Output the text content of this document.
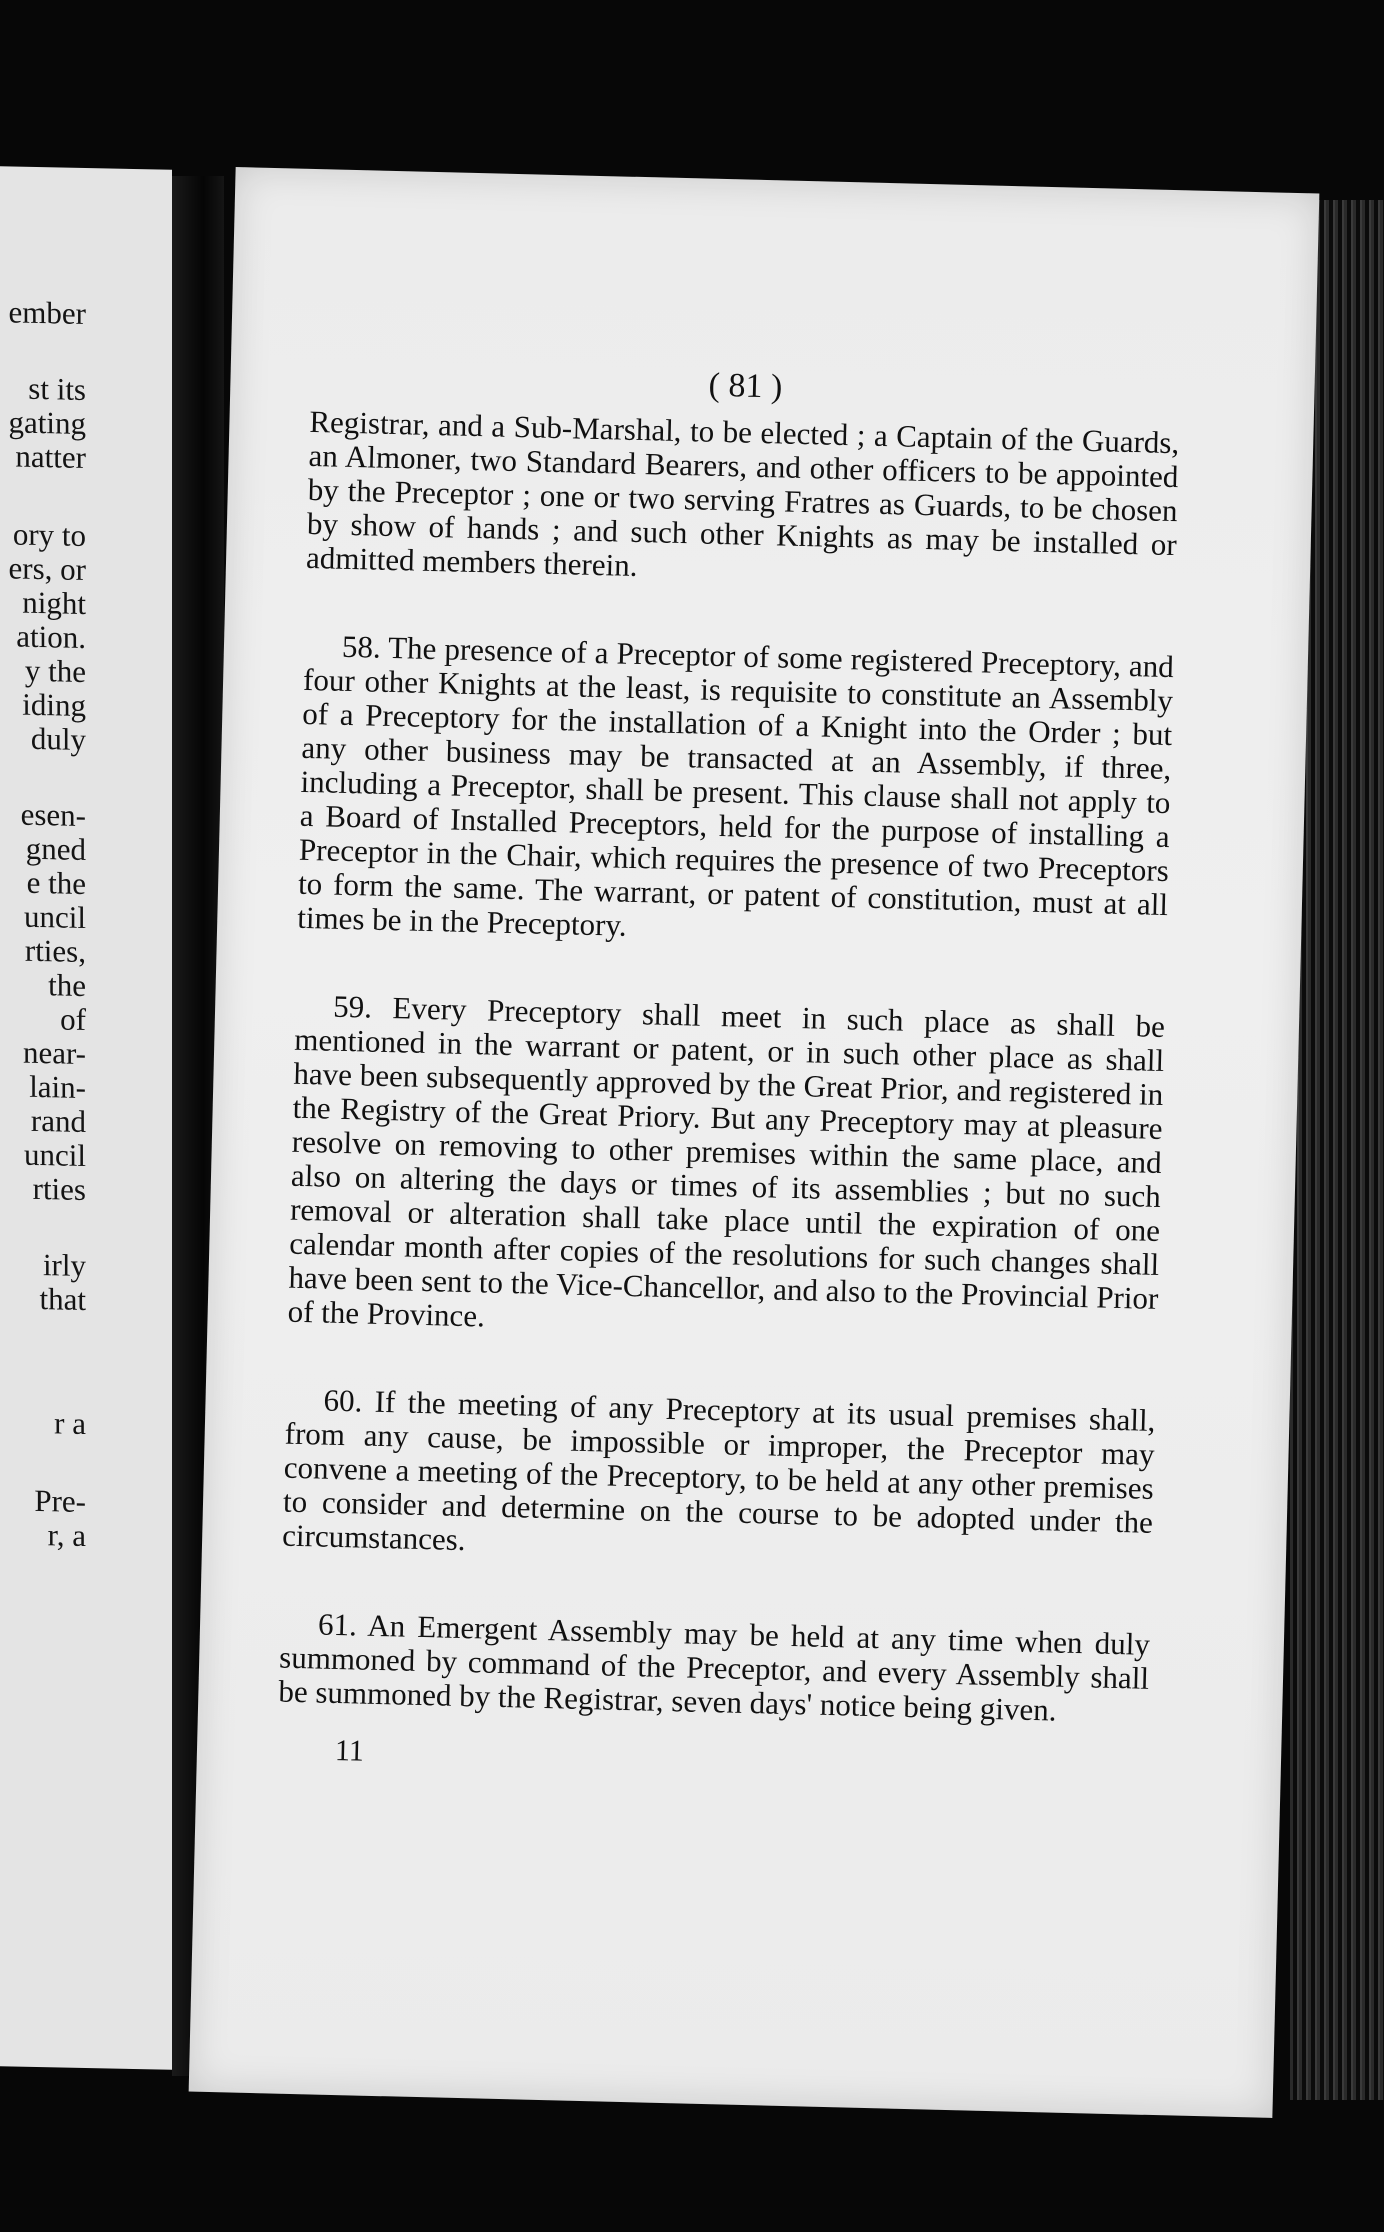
ember
st its
gating
natter
ory to
ers, or
night
ation.
y the
iding
duly
esen-
gned
e the
uncil
rties,
the
of
near-
lain-
rand
uncil
rties
irly
that
r a
Pre-
r, a
( 81 )

Registrar, and a Sub-Marshal, to be elected ; a Captain of the Guards, an Almoner, two Standard Bearers, and other officers to be appointed by the Preceptor ; one or two serving Fratres as Guards, to be chosen by show of hands ; and such other Knights as may be installed or admitted members therein.

58. The presence of a Preceptor of some registered Preceptory, and four other Knights at the least, is requisite to constitute an Assembly of a Preceptory for the installation of a Knight into the Order ; but any other business may be transacted at an Assembly, if three, including a Preceptor, shall be present. This clause shall not apply to a Board of Installed Preceptors, held for the purpose of installing a Preceptor in the Chair, which requires the presence of two Preceptors to form the same. The warrant, or patent of constitution, must at all times be in the Preceptory.

59. Every Preceptory shall meet in such place as shall be mentioned in the warrant or patent, or in such other place as shall have been subsequently approved by the Great Prior, and registered in the Registry of the Great Priory. But any Preceptory may at pleasure resolve on removing to other premises within the same place, and also on altering the days or times of its assemblies ; but no such removal or alteration shall take place until the expiration of one calendar month after copies of the resolutions for such changes shall have been sent to the Vice-Chancellor, and also to the Provincial Prior of the Province.

60. If the meeting of any Preceptory at its usual premises shall, from any cause, be impossible or improper, the Preceptor may convene a meeting of the Preceptory, to be held at any other premises to consider and determine on the course to be adopted under the circumstances.

61. An Emergent Assembly may be held at any time when duly summoned by command of the Preceptor, and every Assembly shall be summoned by the Registrar, seven days' notice being given.

11
